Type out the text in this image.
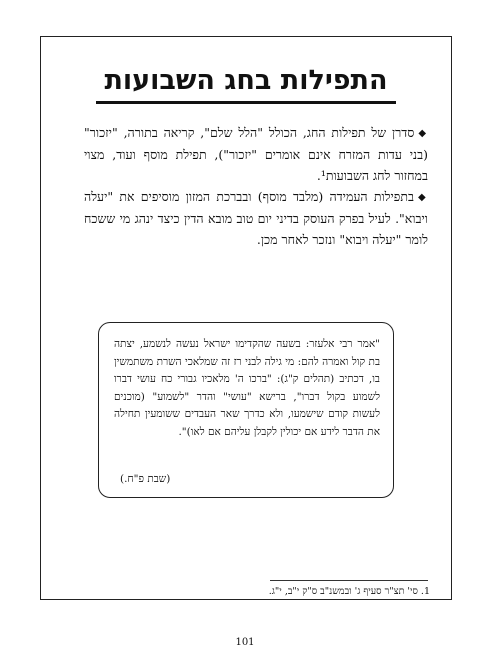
התפילות בחג השבועות

◆סדרן של תפילות החג, הכולל "הלל שלם", קריאה בתורה, "יזכור" (בני עדות המזרח אינם אומרים "יזכור"), תפילת מוסף ועוד, מצוי במחזור לחג השבועות¹.

◆בתפילות העמידה (מלבד מוסף) ובברכת המזון מוסיפים את "יעלה ויבוא". לעיל בפרק העוסק בדיני יום טוב מובא הדין כיצד ינהג מי ששכח לומר "יעלה ויבוא" ונזכר לאחר מכן.

"אמר רבי אלעזר: בשעה שהקדימו ישראל נעשה לנשמע, יצתה בת קול ואמרה להם: מי גילה לבני רז זה שמלאכי השרת משתמשין בו, דכתיב (תהלים ק"ג): "ברכו ה' מלאכיו גבורי כח עושי דברו לשמוע בקול דברו", ברישא "עושי" והדר "לשמוע" (מוכנים לעשות קודם שישמעו, ולא כדרך שאר העבדים ששומעין תחילה את הדבר לידע אם יכולין לקבלן עליהם אם לאו)".
(שבת פ"ח.)
1. סי' תצ"ר סעיף ג' ובמשנ"ב ס"ק י"ב, י"ג.
101
